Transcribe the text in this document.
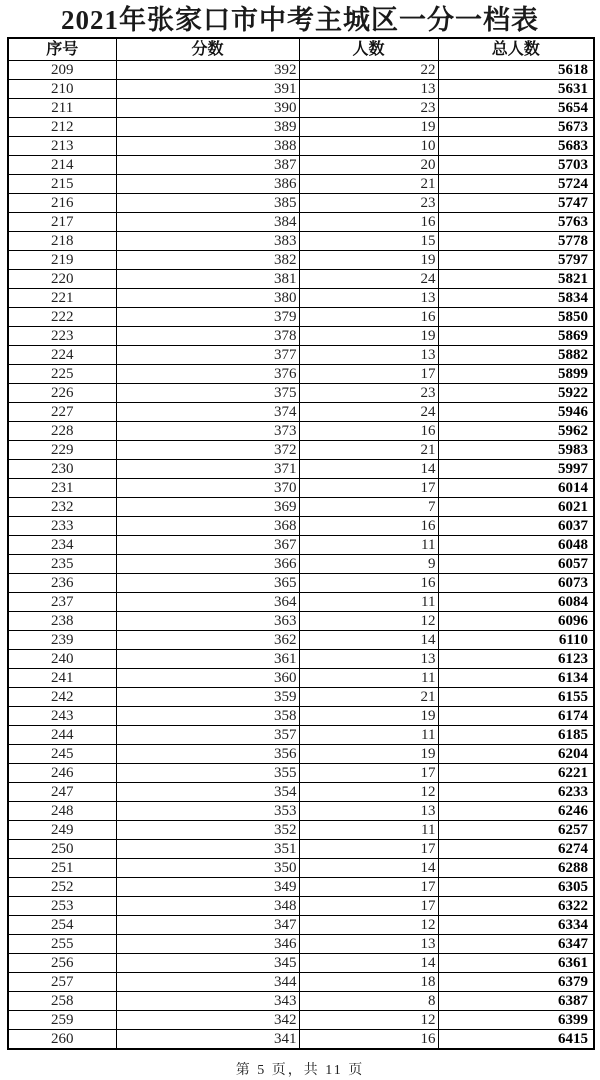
2021年张家口市中考主城区一分一档表
序号	分数	人数	总人数
209	392	22	5618
210	391	13	5631
211	390	23	5654
212	389	19	5673
213	388	10	5683
214	387	20	5703
215	386	21	5724
216	385	23	5747
217	384	16	5763
218	383	15	5778
219	382	19	5797
220	381	24	5821
221	380	13	5834
222	379	16	5850
223	378	19	5869
224	377	13	5882
225	376	17	5899
226	375	23	5922
227	374	24	5946
228	373	16	5962
229	372	21	5983
230	371	14	5997
231	370	17	6014
232	369	7	6021
233	368	16	6037
234	367	11	6048
235	366	9	6057
236	365	16	6073
237	364	11	6084
238	363	12	6096
239	362	14	6110
240	361	13	6123
241	360	11	6134
242	359	21	6155
243	358	19	6174
244	357	11	6185
245	356	19	6204
246	355	17	6221
247	354	12	6233
248	353	13	6246
249	352	11	6257
250	351	17	6274
251	350	14	6288
252	349	17	6305
253	348	17	6322
254	347	12	6334
255	346	13	6347
256	345	14	6361
257	344	18	6379
258	343	8	6387
259	342	12	6399
260	341	16	6415
第 5 页，共 11 页
